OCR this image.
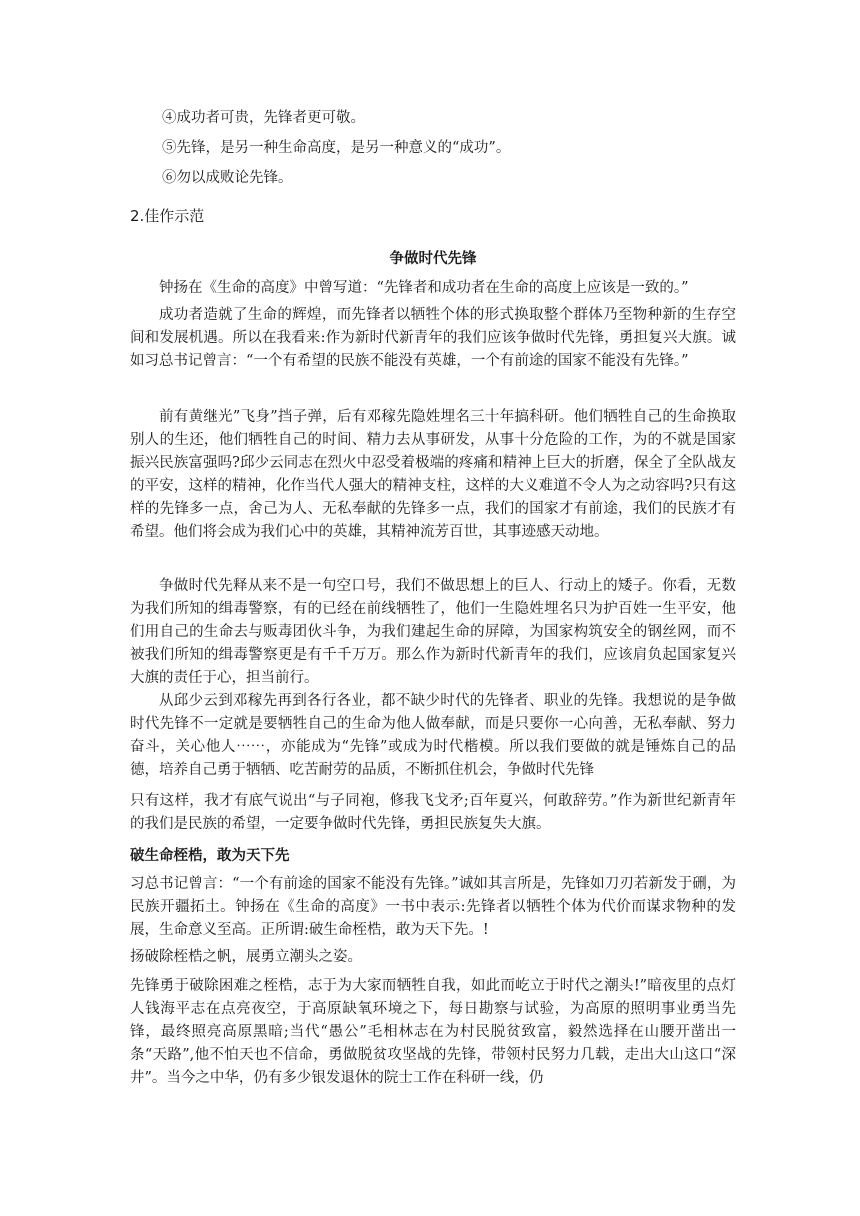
④成功者可贵，先锋者更可敬。
⑤先锋，是另一种生命高度，是另一种意义的“成功”。
⑥勿以成败论先锋。
2.佳作示范
争做时代先锋
钟扬在《生命的高度》中曾写道：“先锋者和成功者在生命的高度上应该是一致的。”
成功者造就了生命的辉煌，而先锋者以牺牲个体的形式换取整个群体乃至物种新的生存空间和发展机遇。所以在我看来:作为新时代新青年的我们应该争做时代先锋，勇担复兴大旗。诚如习总书记曾言：“一个有希望的民族不能没有英雄，一个有前途的国家不能没有先锋。”
前有黄继光”飞身”挡子弹，后有邓稼先隐姓埋名三十年搞科研。他们牺牲自己的生命换取别人的生还，他们牺牲自己的时间、精力去从事研发，从事十分危险的工作，为的不就是国家振兴民族富强吗?邱少云同志在烈火中忍受着极端的疼痛和精神上巨大的折磨，保全了全队战友的平安，这样的精神，化作当代人强大的精神支柱，这样的大义难道不令人为之动容吗?只有这样的先锋多一点，舍己为人、无私奉献的先锋多一点，我们的国家才有前途，我们的民族才有希望。他们将会成为我们心中的英雄，其精神流芳百世，其事迹感天动地。
争做时代先释从来不是一句空口号，我们不做思想上的巨人、行动上的矮子。你看，无数为我们所知的缉毒警察，有的已经在前线牺牲了，他们一生隐姓埋名只为护百姓一生平安，他们用自己的生命去与贩毒团伙斗争，为我们建起生命的屏障，为国家构筑安全的钢丝网，而不被我们所知的缉毒警察更是有千千万万。那么作为新时代新青年的我们，应该肩负起国家复兴大旗的责任于心，担当前行。
从邱少云到邓稼先再到各行各业，都不缺少时代的先锋者、职业的先锋。我想说的是争做时代先锋不一定就是要牺牲自己的生命为他人做奉献，而是只要你一心向善，无私奉献、努力奋斗，关心他人⋯⋯，亦能成为“先锋”或成为时代楷模。所以我们要做的就是锤炼自己的品德，培养自己勇于牺牺、吃苦耐劳的品质，不断抓住机会，争做时代先锋
只有这样，我才有底气说出“与子同袍，修我飞戈矛;百年夏兴，何敢辞劳。”作为新世纪新青年的我们是民族的希望，一定要争做时代先锋，勇担民族复失大旗。
破生命桎梏，敢为天下先
习总书记曾言：“一个有前途的国家不能没有先锋。”诚如其言所是，先锋如刀刃若新发于硎，为民族开疆拓土。钟扬在《生命的高度》一书中表示:先锋者以牺牲个体为代价而谋求物种的发展，生命意义至高。正所谓:破生命桎梏，敢为天下先。!
扬破除桎梏之帆，展勇立潮头之姿。
先锋勇于破除困难之桎梏，志于为大家而牺牲自我，如此而屹立于时代之潮头!”暗夜里的点灯人钱海平志在点亮夜空，于高原缺氧环境之下，每日勘察与试验，为高原的照明事业勇当先锋，最终照亮高原黑暗;当代“愚公”毛相林志在为村民脱贫致富，毅然选择在山腰开凿出一条“天路”,他不怕天也不信命，勇做脱贫攻坚战的先锋，带领村民努力几载，走出大山这口“深井”。当今之中华，仍有多少银发退休的院士工作在科研一线，仍
